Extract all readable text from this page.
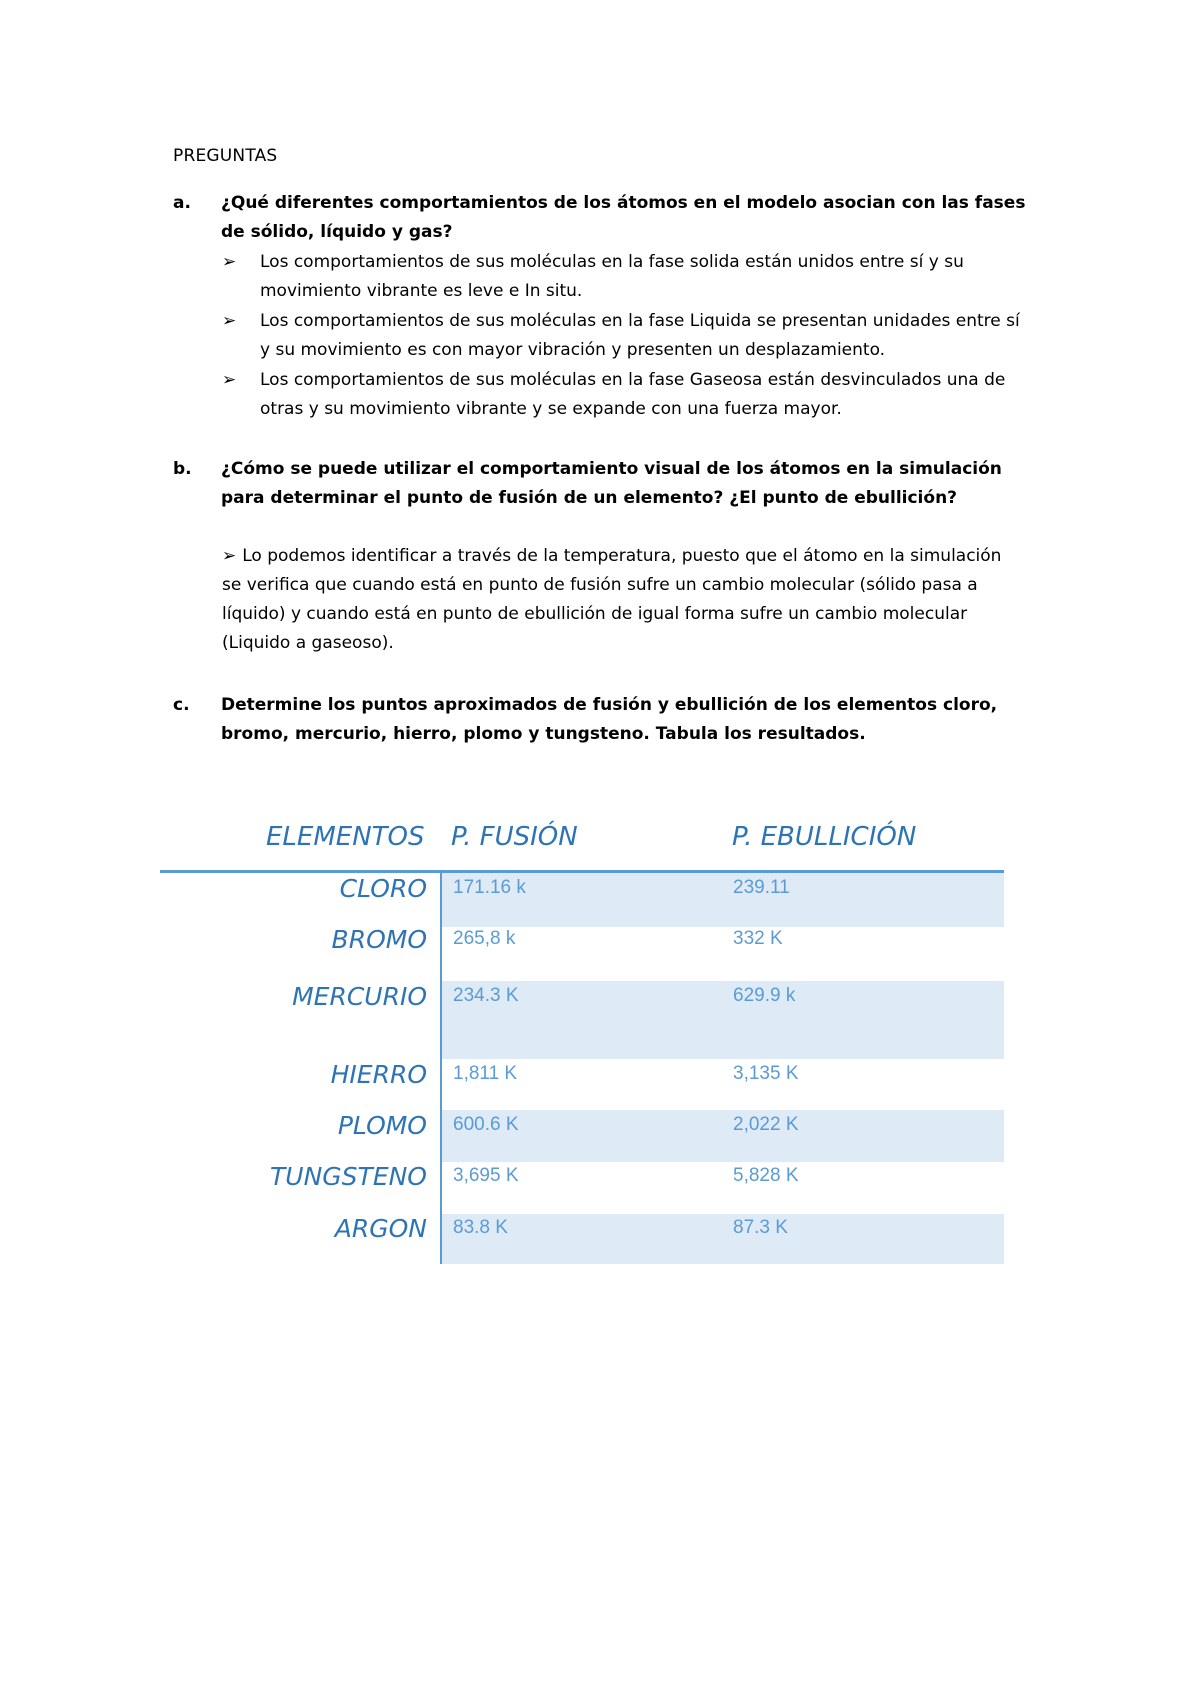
PREGUNTAS
a. ¿Qué diferentes comportamientos de los átomos en el modelo asocian con las fases de sólido, líquido y gas?
➢ Los comportamientos de sus moléculas en la fase solida están unidos entre sí y su movimiento vibrante es leve e In situ.
➢ Los comportamientos de sus moléculas en la fase Liquida se presentan unidades entre sí y su movimiento es con mayor vibración y presenten un desplazamiento.
➢ Los comportamientos de sus moléculas en la fase Gaseosa están desvinculados una de otras y su movimiento vibrante y se expande con una fuerza mayor.
b. ¿Cómo se puede utilizar el comportamiento visual de los átomos en la simulación para determinar el punto de fusión de un elemento? ¿El punto de ebullición?
➢ Lo podemos identificar a través de la temperatura, puesto que el átomo en la simulación se verifica que cuando está en punto de fusión sufre un cambio molecular (sólido pasa a líquido) y cuando está en punto de ebullición de igual forma sufre un cambio molecular (Liquido a gaseoso).
c. Determine los puntos aproximados de fusión y ebullición de los elementos cloro, bromo, mercurio, hierro, plomo y tungsteno. Tabula los resultados.
ELEMENTOS P. FUSIÓN	P. EBULLICIÓN
CLORO 171.16 k	239.11
BROMO 265,8 k	332 K
MERCURIO 234.3 K	629.9 k
HIERRO 1,811 K	3,135 K
PLOMO 600.6 K	2,022 K
TUNGSTENO 3,695 K	5,828 K
ARGON 83.8 K	87.3 K
